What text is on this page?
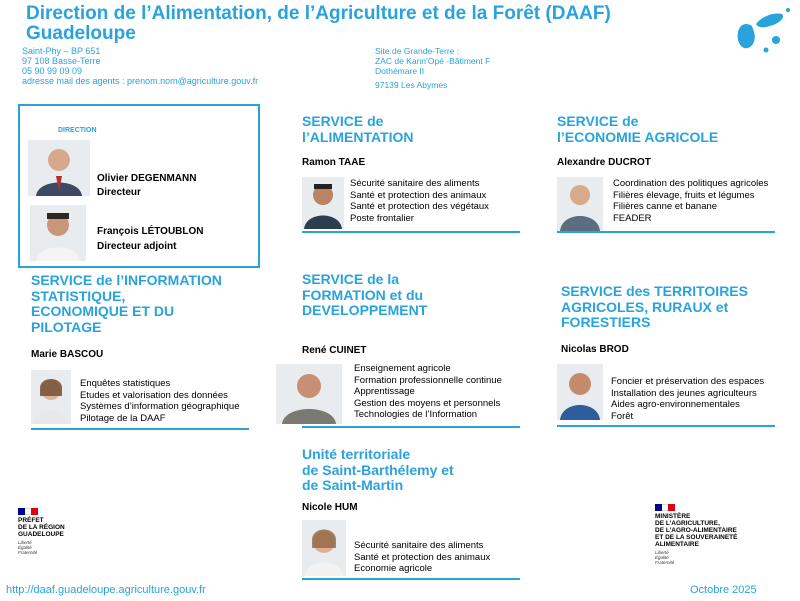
Direction de l’Alimentation, de l’Agriculture et de la Forêt (DAAF)
Guadeloupe
Saint-Phy – BP 651
97 108 Basse-Terre
05 90 99 09 09
adresse mail des agents : prenom.nom@agriculture.gouv.fr
Site de Grande-Terre :
ZAC de Kann’Opé -Bâtiment F
Dothémare II
97139 Les Abymes
DIRECTION
Olivier DEGENMANN
Directeur
François LÉTOUBLON
Directeur adjoint
SERVICE de
l’ALIMENTATION
Ramon TAAE
Sécurité sanitaire des aliments
Santé et protection des animaux
Santé et protection des végétaux
Poste frontalier
SERVICE de
l’ECONOMIE AGRICOLE
Alexandre DUCROT
Coordination des politiques agricoles
Filières élevage, fruits et légumes
Filières canne et banane
FEADER
SERVICE de l’INFORMATION
STATISTIQUE,
ECONOMIQUE ET DU
PILOTAGE
Marie BASCOU
Enquêtes statistiques
Etudes et valorisation des données
Systèmes d’information géographique
Pilotage de la DAAF
SERVICE de la
FORMATION et du
DEVELOPPEMENT
René CUINET
Enseignement agricole
Formation professionnelle continue
Apprentissage
Gestion des moyens et personnels
Technologies de l’Information
SERVICE des TERRITOIRES
AGRICOLES, RURAUX et
FORESTIERS
Nicolas BROD
Foncier et préservation des espaces
Installation des jeunes agriculteurs
Aides agro-environnementales
Forêt
Unité territoriale
de Saint-Barthélemy et
de Saint-Martin
Nicole HUM
Sécurité sanitaire des aliments
Santé et protection des animaux
Economie agricole
PRÉFET
DE LA RÉGION
GUADELOUPE
Liberté
Égalité
Fraternité
MINISTÈRE
DE L’AGRICULTURE,
DE L’AGRO-ALIMENTAIRE
ET DE LA SOUVERAINETÉ
ALIMENTAIRE
Liberté
Égalité
Fraternité
http://daaf.guadeloupe.agriculture.gouv.fr	Octobre 2025
